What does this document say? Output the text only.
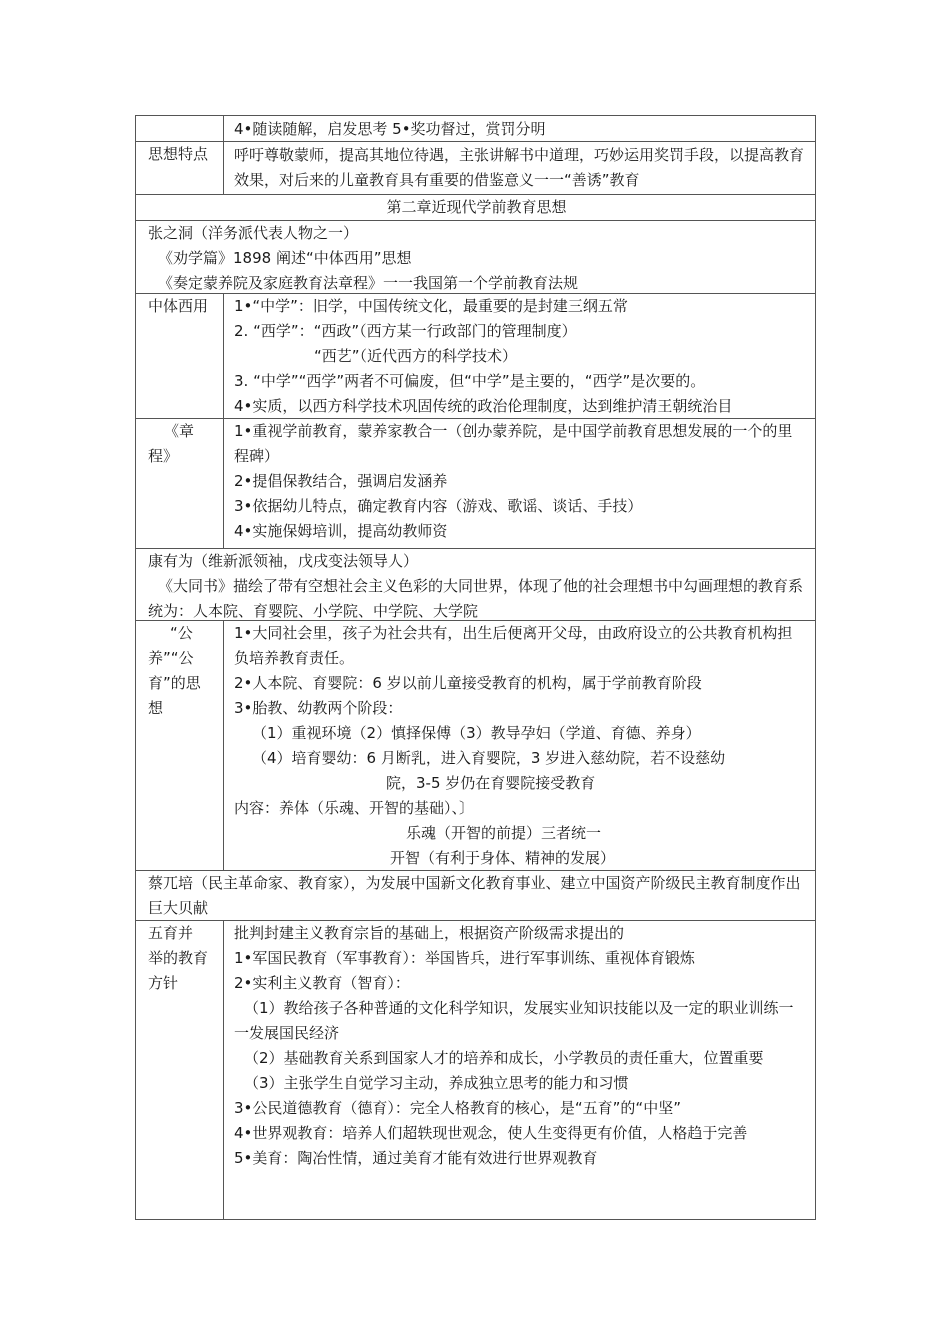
4•随读随解，启发思考 5•奖功督过，赏罚分明
思想特点	呼吁尊敬蒙师，提高其地位待遇，主张讲解书中道理，巧妙运用奖罚手段，以提高教育效果，对后来的儿童教育具有重要的借鉴意义一一“善诱”教育
第二章近现代学前教育思想
张之洞（洋务派代表人物之一）
《劝学篇》1898 阐述“中体西用”思想
《奏定蒙养院及家庭教育法章程》一一我国第一个学前教育法规
中体西用	1•“中学”：旧学，中国传统文化，最重要的是封建三纲五常
2. “西学”：“西政”（西方某一行政部门的管理制度）
“西艺”（近代西方的科学技术）
3. “中学”“西学”两者不可偏废，但“中学”是主要的，“西学”是次要的。
4•实质，以西方科学技术巩固传统的政治伦理制度，达到维护清王朝统治目
《章
程》
1•重视学前教育，蒙养家教合一（创办蒙养院，是中国学前教育思想发展的一个的里程碑）
2•提倡保教结合，强调启发涵养
3•依据幼儿特点，确定教育内容（游戏、歌谣、谈话、手技）
4•实施保姆培训，提高幼教师资
康有为（维新派领袖，戊戌变法领导人）
《大同书》描绘了带有空想社会主义色彩的大同世界，体现了他的社会理想书中勾画理想的教育系统为：人本院、育婴院、小学院、中学院、大学院
“公
养”“公
育”的思
想
1•大同社会里，孩子为社会共有，出生后便离开父母，由政府设立的公共教育机构担负培养教育责任。
2•人本院、育婴院：6 岁以前儿童接受教育的机构，属于学前教育阶段
3•胎教、幼教两个阶段：
（1）重视环境（2）慎择保傅（3）教导孕妇（学道、育德、养身）
（4）培育婴幼：6 月断乳，进入育婴院，3 岁进入慈幼院，若不设慈幼
院，3-5 岁仍在育婴院接受教育
内容：养体（乐魂、开智的基础）、〕
乐魂（开智的前提）三者统一
开智（有利于身体、精神的发展）
蔡兀培（民主革命家、教育家），为发展中国新文化教育事业、建立中国资产阶级民主教育制度作出巨大贝献
五育并
举的教育
方针
批判封建主义教育宗旨的基础上，根据资产阶级需求提出的
1•军国民教育（军事教育）：举国皆兵，进行军事训练、重视体育锻炼
2•实利主义教育（智育）：
（1）教给孩子各种普通的文化科学知识，发展实业知识技能以及一定的职业训练一一发展国民经济
（2）基础教育关系到国家人才的培养和成长，小学教员的责任重大，位置重要
（3）主张学生自觉学习主动，养成独立思考的能力和习惯
3•公民道德教育（德育）：完全人格教育的核心，是“五育”的“中坚”
4•世界观教育：培养人们超轶现世观念，使人生变得更有价值，人格趋于完善
5•美育：陶冶性情，通过美育才能有效进行世界观教育
